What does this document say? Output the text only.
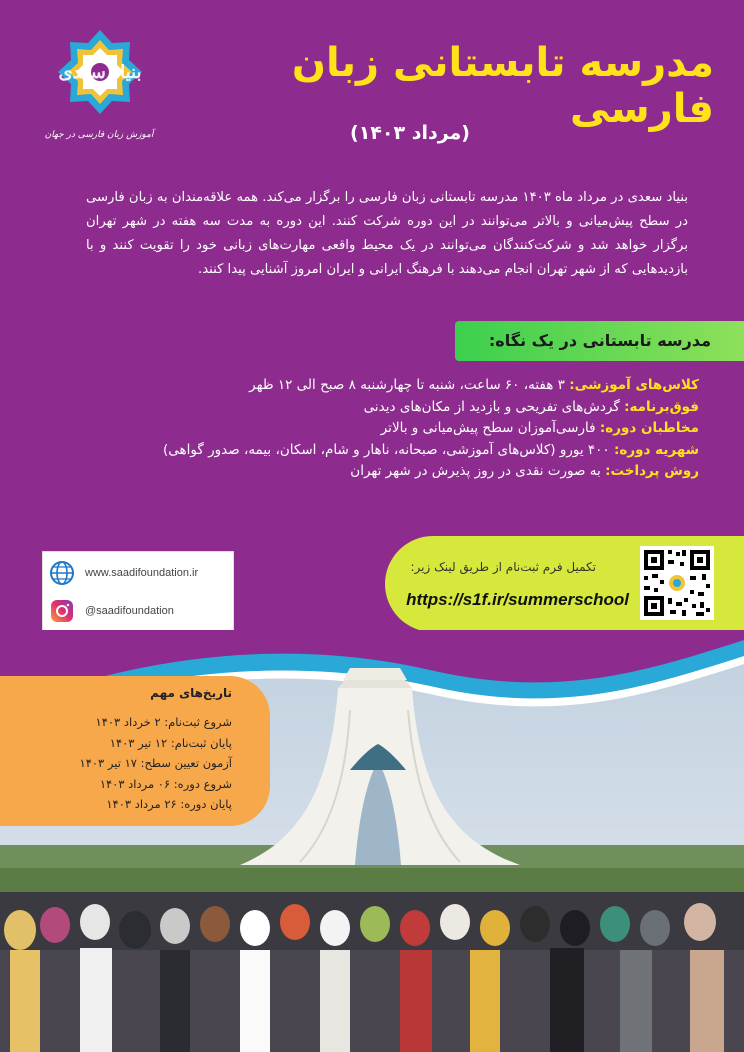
بنیاد سعدی
آموزش زبان فارسی در جهان
مدرسه تابستانی زبان فارسی
(مرداد ۱۴۰۳)
بنیاد سعدی در مرداد ماه ۱۴۰۳ مدرسه تابستانی زبان فارسی را برگزار می‌کند. همه علاقه‌مندان به زبان فارسی در سطح پیش‌میانی و بالاتر می‌توانند در این دوره شرکت کنند. این دوره به مدت سه هفته در شهر تهران برگزار خواهد شد و شرکت‌کنندگان می‌توانند در یک محیط واقعی مهارت‌های زبانی خود را تقویت کنند و با بازدیدهایی که از شهر تهران انجام می‌دهند با فرهنگ ایرانی و ایران امروز آشنایی پیدا کنند.
مدرسه تابستانی در یک نگاه:
کلاس‌های آموزشی: ۳ هفته، ۶۰ ساعت، شنبه تا چهارشنبه ۸ صبح الی ۱۲ ظهر
فوق‌برنامه: گردش‌های تفریحی و بازدید از مکان‌های دیدنی
مخاطبان دوره: فارسی‌آموزان سطح پیش‌میانی و بالاتر
شهریه دوره: ۴۰۰ یورو (کلاس‌های آموزشی، صبحانه، ناهار و شام، اسکان، بیمه، صدور گواهی)
روش پرداخت: به صورت نقدی در روز پذیرش در شهر تهران
www.saadifoundation.ir
@saadifoundation
تکمیل فرم ثبت‌نام از طریق لینک زیر:
https://s1f.ir/summerschool
تاریخ‌های مهم
شروع ثبت‌نام: ۲ خرداد ۱۴۰۳
پایان ثبت‌نام: ۱۲ تیر ۱۴۰۳
آزمون تعیین سطح: ۱۷ تیر ۱۴۰۳
شروع دوره: ۰۶ مرداد ۱۴۰۳
پایان دوره: ۲۶ مرداد ۱۴۰۳
